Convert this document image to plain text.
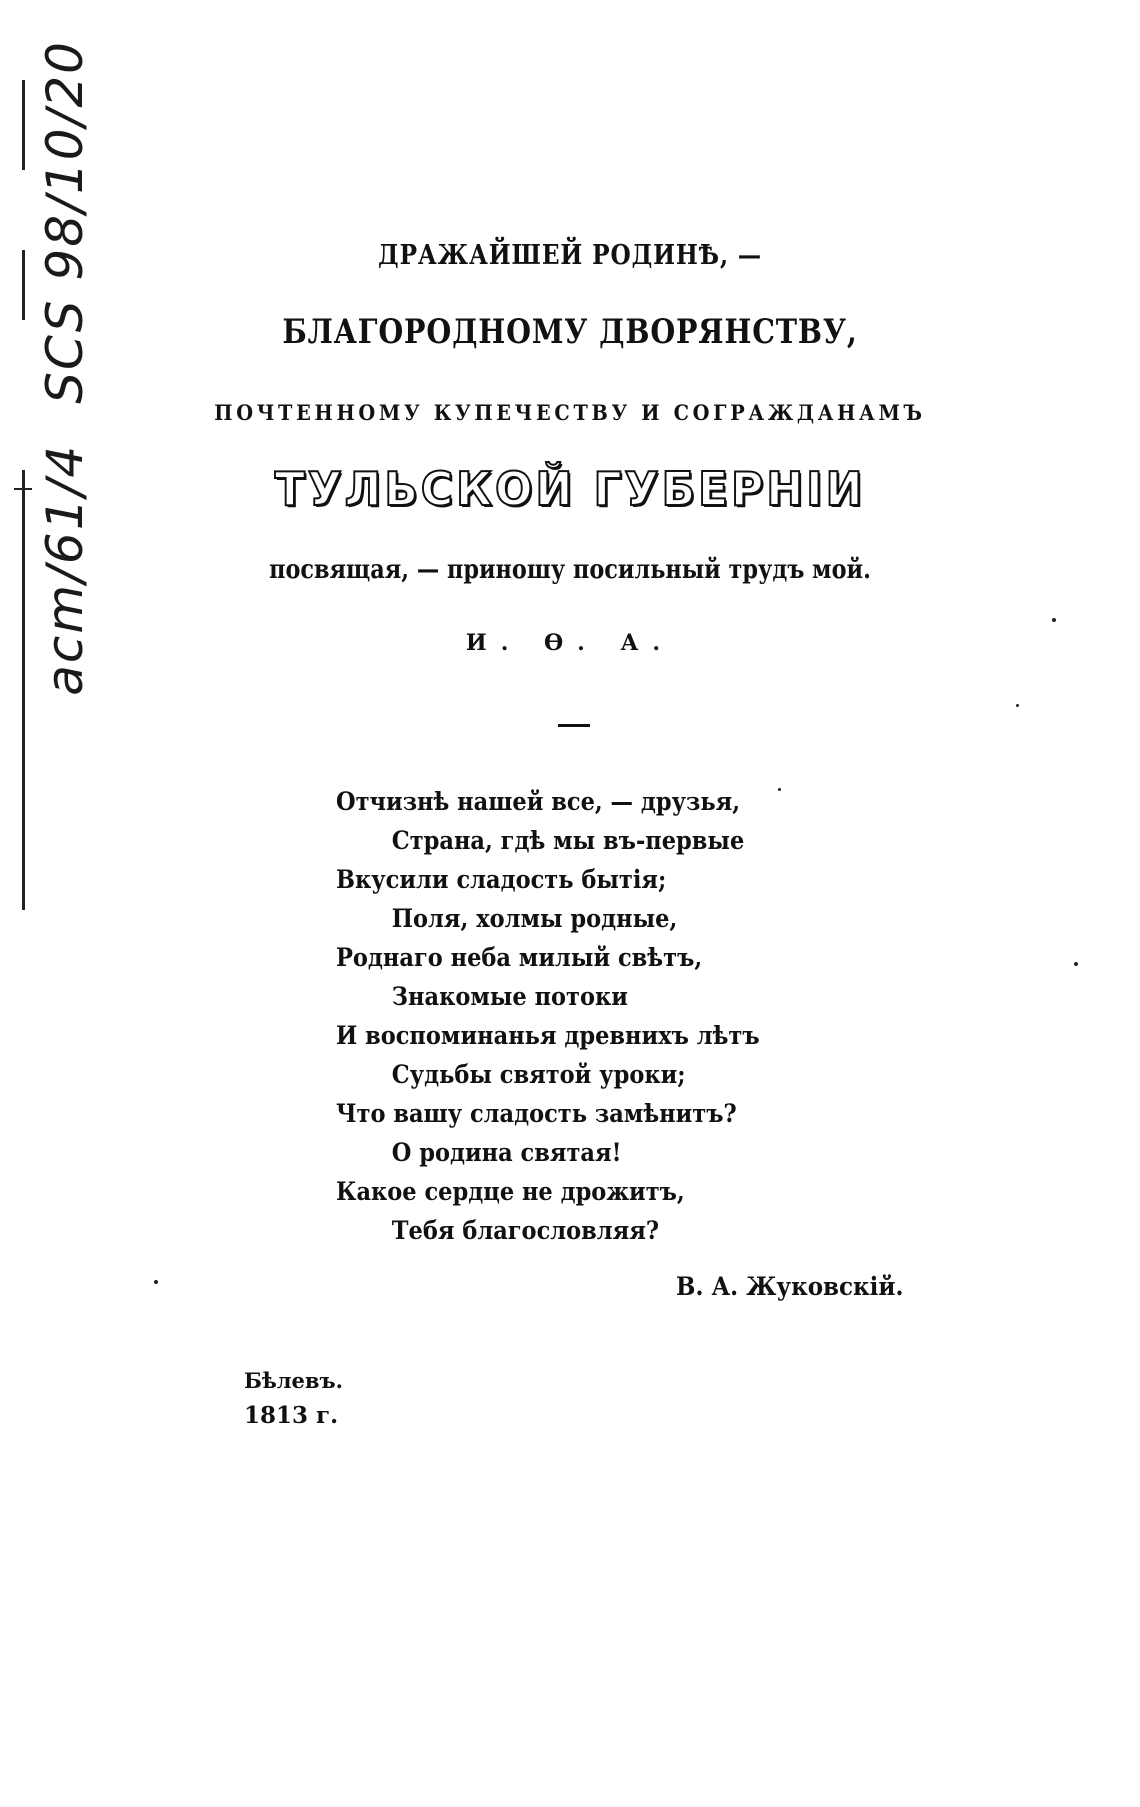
SCS 98/10/20
acm/61/4
ДРАЖАЙШЕЙ РОДИНѢ, —
БЛАГОРОДНОМУ ДВОРЯНСТВУ,
ПОЧТЕННОМУ КУПЕЧЕСТВУ И СОГРАЖДАНАМЪ
ТУЛЬСКОЙ ГУБЕРНІИ
посвящая, — приношу посильный трудъ мой.
И. Ѳ. А.
Отчизнѣ нашей все, — друзья,
Страна, гдѣ мы въ-первые
Вкусили сладость бытія;
Поля, холмы родные,
Роднаго неба милый свѣтъ,
Знакомые потоки
И воспоминанья древнихъ лѣтъ
Судьбы святой уроки;
Что вашу сладость замѣнитъ?
О родина святая!
Какое сердце не дрожитъ,
Тебя благословляя?
В. А. Жуковскій.
Бѣлевъ.
1813 г.
